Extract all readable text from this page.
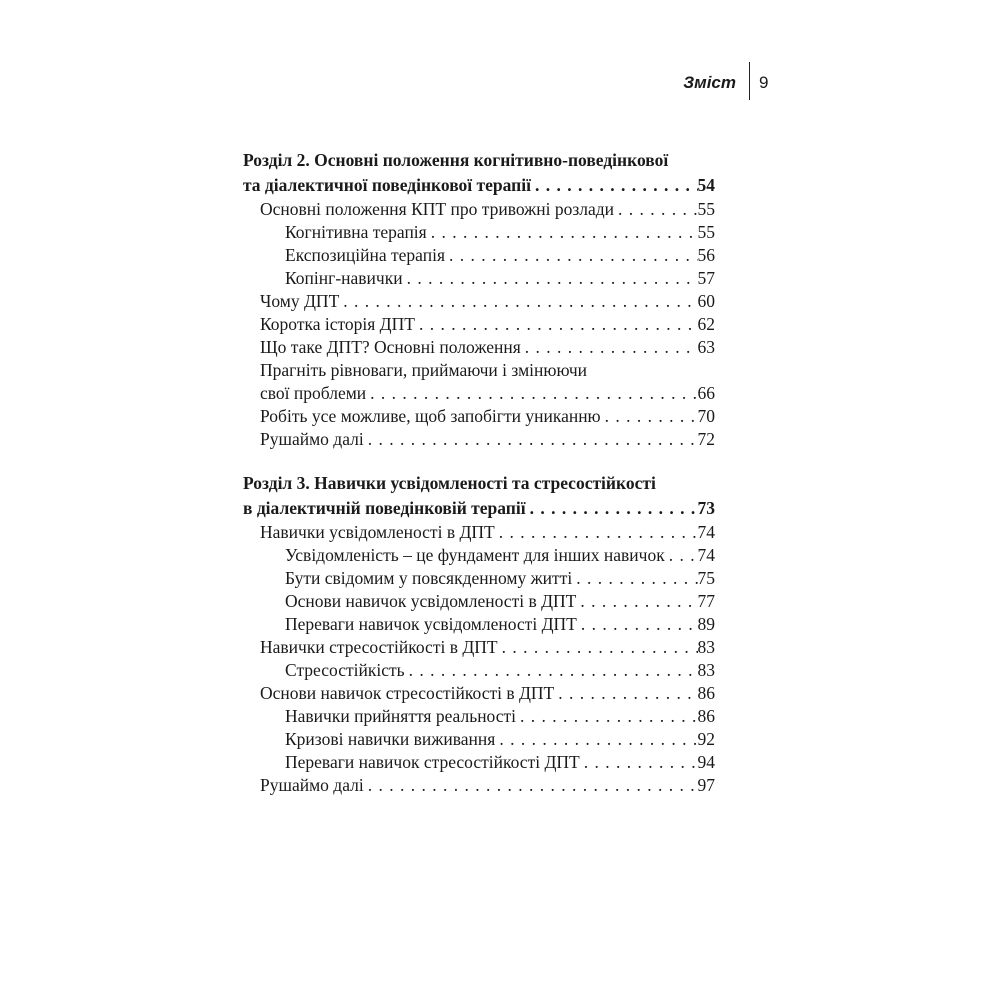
Зміст 9
Розділ 2. Основні положення когнітивно-поведінкової
та діалектичної поведінкової терапії . . .	54
Основні положення КПТ про тривожні розлади . . .	55
Когнітивна терапія . . .	55
Експозиційна терапія . . .	56
Копінг-навички . . .	57
Чому ДПТ . . .	60
Коротка історія ДПТ . . .	62
Що таке ДПТ? Основні положення . . .	63
Прагніть рівноваги, приймаючи і змінюючи
свої проблеми . . .	66
Робіть усе можливе, щоб запобігти униканню . . .	70
Рушаймо далі . . .	72
Розділ 3. Навички усвідомленості та стресостійкості
в діалектичній поведінковій терапії . . .	73
Навички усвідомленості в ДПТ . . .	74
Усвідомленість – це фундамент для інших навичок . . . 74
Бути свідомим у повсякденному житті . . .	75
Основи навичок усвідомленості в ДПТ . . .	77
Переваги навичок усвідомленості ДПТ . . .	89
Навички стресостійкості в ДПТ . . .	83
Стресостійкість . . .	83
Основи навичок стресостійкості в ДПТ . . .	86
Навички прийняття реальності . . .	86
Кризові навички виживання . . .	92
Переваги навичок стресостійкості ДПТ . . .	94
Рушаймо далі . . .	97
